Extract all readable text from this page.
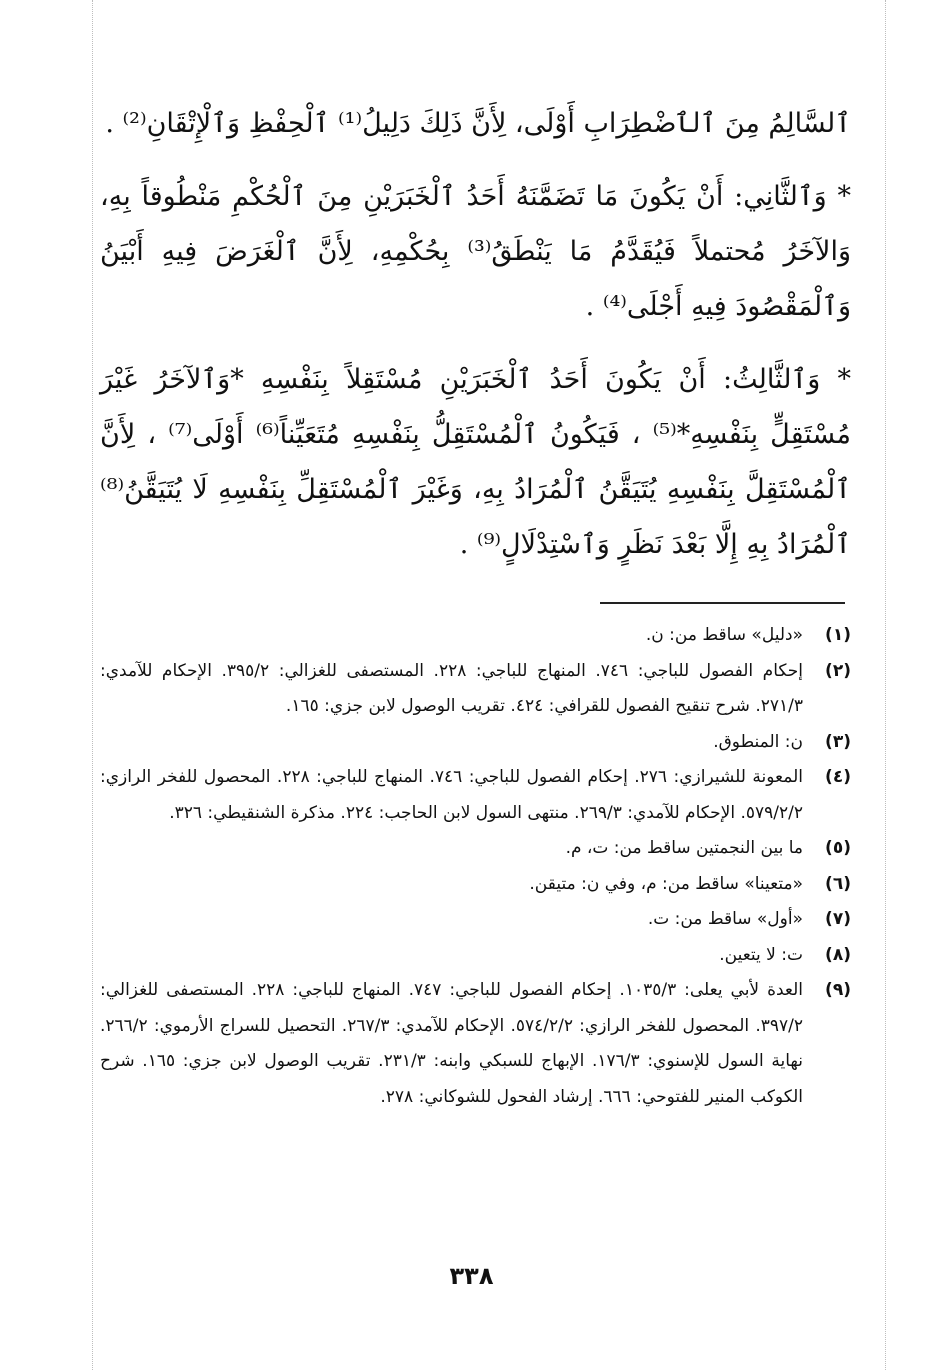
ٱلسَّالِمُ مِنَ ٱلٱضْطِرَابِ أَوْلَى، لِأَنَّ ذَلِكَ دَلِيلُ⁽¹⁾ ٱلْحِفْظِ وَٱلْإِتْقَانِ⁽²⁾ .

* وَٱلثَّانِي: أَنْ يَكُونَ مَا تَضَمَّنَهُ أَحَدُ ٱلْخَبَرَيْنِ مِنَ ٱلْحُكْمِ مَنْطُوقاً بِهِ، وَالآخَرُ مُحتملاً فَيُقَدَّمُ مَا يَنْطَقُ⁽³⁾ بِحُكْمِهِ، لِأَنَّ ٱلْغَرَضَ فِيهِ أَبْيَنُ وَٱلْمَقْصُودَ فِيهِ أَجْلَى⁽⁴⁾ .

* وَٱلثَّالِثُ: أَنْ يَكُونَ أَحَدُ ٱلْخَبَرَيْنِ مُسْتَقِلاً بِنَفْسِهِ *وَٱلآخَرُ غَيْرَ مُسْتَقِلٍّ بِنَفْسِهِ*⁽⁵⁾ ، فَيَكُونُ ٱلْمُسْتَقِلُّ بِنَفْسِهِ مُتَعَيِّناً⁽⁶⁾ أَوْلَى⁽⁷⁾ ، لِأَنَّ ٱلْمُسْتَقِلَّ بِنَفْسِهِ يُتَيَقَّنُ ٱلْمُرَادُ بِهِ، وَغَيْرَ ٱلْمُسْتَقِلِّ بِنَفْسِهِ لَا يُتَيَقَّنُ⁽⁸⁾ ٱلْمُرَادُ بِهِ إِلَّا بَعْدَ نَظَرٍ وَٱسْتِدْلَالٍ⁽⁹⁾ .

(١)
«دليل» ساقط من: ن.
(٢)
إحكام الفصول للباجي: ٧٤٦. المنهاج للباجي: ٢٢٨. المستصفى للغزالي: ٣٩٥/٢. الإحكام للآمدي: ٢٧١/٣. شرح تنقيح الفصول للقرافي: ٤٢٤. تقريب الوصول لابن جزي: ١٦٥.
(٣)
ن: المنطوق.
(٤)
المعونة للشيرازي: ٢٧٦. إحكام الفصول للباجي: ٧٤٦. المنهاج للباجي: ٢٢٨. المحصول للفخر الرازي: ٥٧٩/٢/٢. الإحكام للآمدي: ٢٦٩/٣. منتهى السول لابن الحاجب: ٢٢٤. مذكرة الشنقيطي: ٣٢٦.
(٥)
ما بين النجمتين ساقط من: ت، م.
(٦)
«متعينا» ساقط من: م، وفي ن: متيقن.
(٧)
«أول» ساقط من: ت.
(٨)
ت: لا يتعين.
(٩)
العدة لأبي يعلى: ١٠٣٥/٣. إحكام الفصول للباجي: ٧٤٧. المنهاج للباجي: ٢٢٨. المستصفى للغزالي: ٣٩٧/٢. المحصول للفخر الرازي: ٥٧٤/٢/٢. الإحكام للآمدي: ٢٦٧/٣. التحصيل للسراج الأرموي: ٢٦٦/٢. نهاية السول للإسنوي: ١٧٦/٣. الإبهاج للسبكي وابنه: ٢٣١/٣. تقريب الوصول لابن جزي: ١٦٥. شرح الكوكب المنير للفتوحي: ٦٦٦. إرشاد الفحول للشوكاني: ٢٧٨.
٣٣٨
